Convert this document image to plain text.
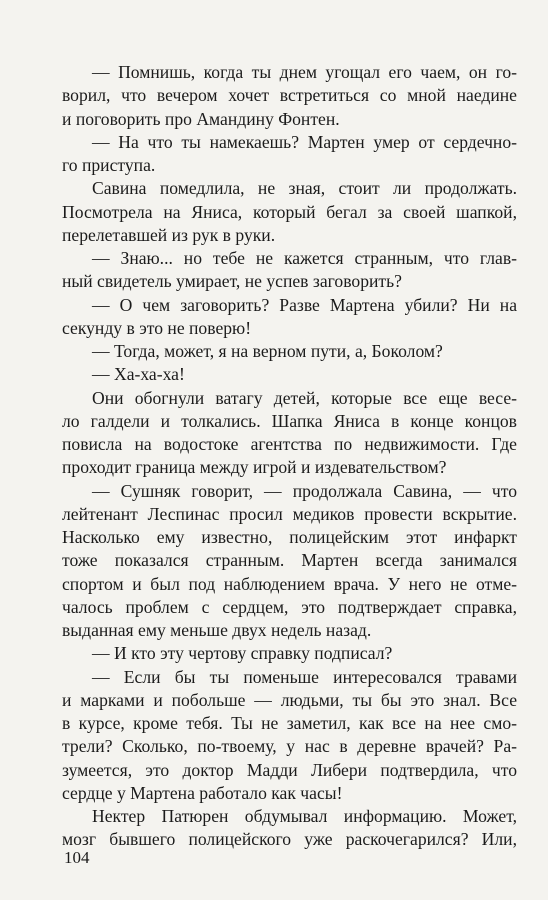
— Помнишь, когда ты днем угощал его чаем, он го-
ворил, что вечером хочет встретиться со мной наедине
и поговорить про Амандину Фонтен.
— На что ты намекаешь? Мартен умер от сердечно-
го приступа.
Савина помедлила, не зная, стоит ли продолжать.
Посмотрела на Яниса, который бегал за своей шапкой,
перелетавшей из рук в руки.
— Знаю... но тебе не кажется странным, что глав-
ный свидетель умирает, не успев заговорить?
— О чем заговорить? Разве Мартена убили? Ни на
секунду в это не поверю!
— Тогда, может, я на верном пути, а, Боколом?
— Ха-ха-ха!
Они обогнули ватагу детей, которые все еще весе-
ло галдели и толкались. Шапка Яниса в конце концов
повисла на водостоке агентства по недвижимости. Где
проходит граница между игрой и издевательством?
— Сушняк говорит, — продолжала Савина, — что
лейтенант Леспинас просил медиков провести вскрытие.
Насколько ему известно, полицейским этот инфаркт
тоже показался странным. Мартен всегда занимался
спортом и был под наблюдением врача. У него не отме-
чалось проблем с сердцем, это подтверждает справка,
выданная ему меньше двух недель назад.
— И кто эту чертову справку подписал?
— Если бы ты поменьше интересовался травами
и марками и побольше — людьми, ты бы это знал. Все
в курсе, кроме тебя. Ты не заметил, как все на нее смо-
трели? Сколько, по-твоему, у нас в деревне врачей? Ра-
зумеется, это доктор Мадди Либери подтвердила, что
сердце у Мартена работало как часы!
Нектер Патюрен обдумывал информацию. Может,
мозг бывшего полицейского уже раскочегарился? Или,
104
